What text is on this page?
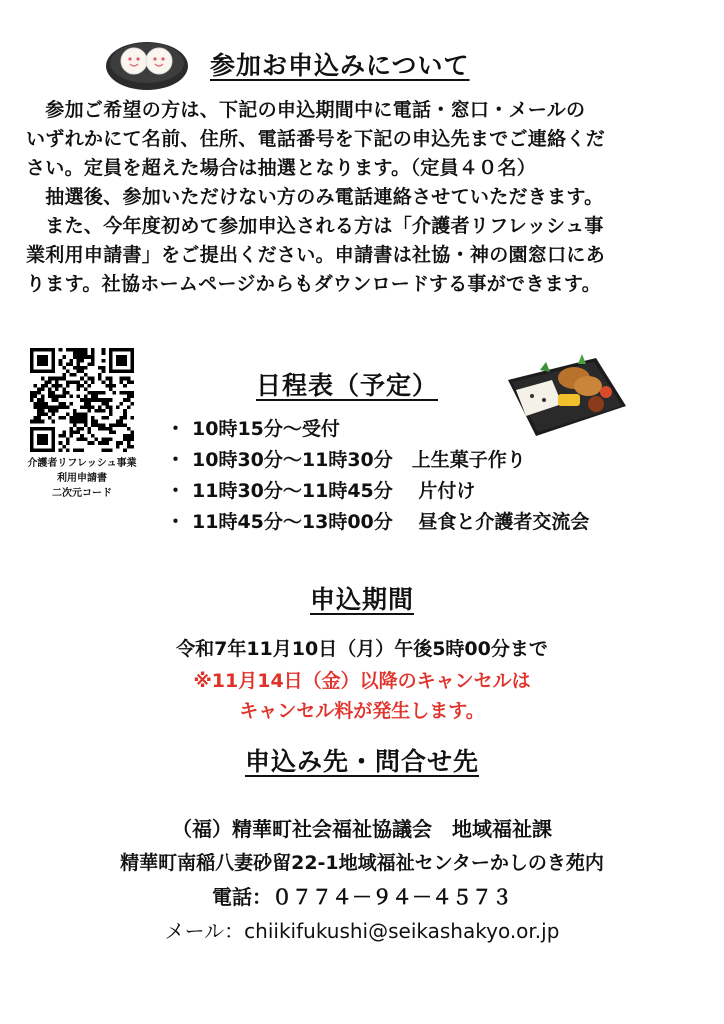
参加お申込みについて

　参加ご希望の方は、下記の申込期間中に電話・窓口・メールの

いずれかにて名前、住所、電話番号を下記の申込先までご連絡くだ

さい。定員を超えた場合は抽選となります。（定員４０名）

　抽選後、参加いただけない方のみ電話連絡させていただきます。

　また、今年度初めて参加申込される方は「介護者リフレッシュ事

業利用申請書」をご提出ください。申請書は社協・神の園窓口にあ

ります。社協ホームページからもダウンロードする事ができます。

介護者リフレッシュ事業
利用申請書
二次元コード
日程表（予定）
・ 10時15分～受付
・ 10時30分～11時30分　上生菓子作り
・ 11時30分～11時45分　 片付け
・ 11時45分～13時00分　 昼食と介護者交流会
申込期間
令和7年11月10日（月）午後5時00分まで
※11月14日（金）以降のキャンセルは
キャンセル料が発生します。
申込み先・問合せ先
（福）精華町社会福祉協議会　地域福祉課
精華町南稲八妻砂留22-1地域福祉センターかしのき苑内
電話：０７７４－９４－４５７３
メール：chiikifukushi@seikashakyo.or.jp
